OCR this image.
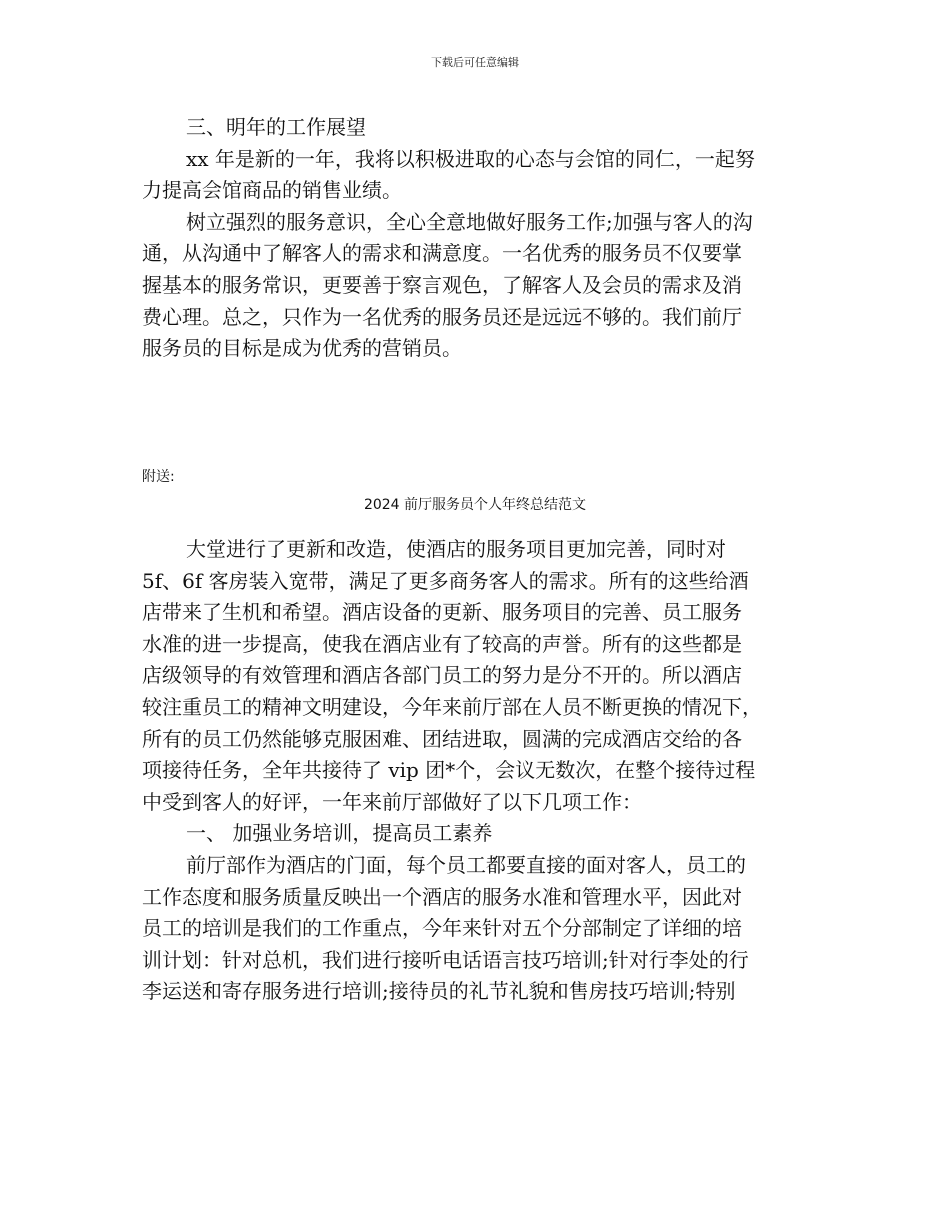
下载后可任意编辑
三、明年的工作展望
xx 年是新的一年，我将以积极进取的心态与会馆的同仁，一起努
力提高会馆商品的销售业绩。
树立强烈的服务意识，全心全意地做好服务工作;加强与客人的沟
通，从沟通中了解客人的需求和满意度。一名优秀的服务员不仅要掌
握基本的服务常识，更要善于察言观色，了解客人及会员的需求及消
费心理。总之，只作为一名优秀的服务员还是远远不够的。我们前厅
服务员的目标是成为优秀的营销员。
附送:
2024 前厅服务员个人年终总结范文
大堂进行了更新和改造，使酒店的服务项目更加完善，同时对
5f、6f 客房装入宽带，满足了更多商务客人的需求。所有的这些给酒
店带来了生机和希望。酒店设备的更新、服务项目的完善、员工服务
水准的进一步提高，使我在酒店业有了较高的声誉。所有的这些都是
店级领导的有效管理和酒店各部门员工的努力是分不开的。所以酒店
较注重员工的精神文明建设，今年来前厅部在人员不断更换的情况下，
所有的员工仍然能够克服困难、团结进取，圆满的完成酒店交给的各
项接待任务，全年共接待了 vip 团*个，会议无数次，在整个接待过程
中受到客人的好评，一年来前厅部做好了以下几项工作：
一、 加强业务培训，提高员工素养
前厅部作为酒店的门面，每个员工都要直接的面对客人，员工的
工作态度和服务质量反映出一个酒店的服务水准和管理水平，因此对
员工的培训是我们的工作重点，今年来针对五个分部制定了详细的培
训计划：针对总机，我们进行接听电话语言技巧培训;针对行李处的行
李运送和寄存服务进行培训;接待员的礼节礼貌和售房技巧培训;特别
